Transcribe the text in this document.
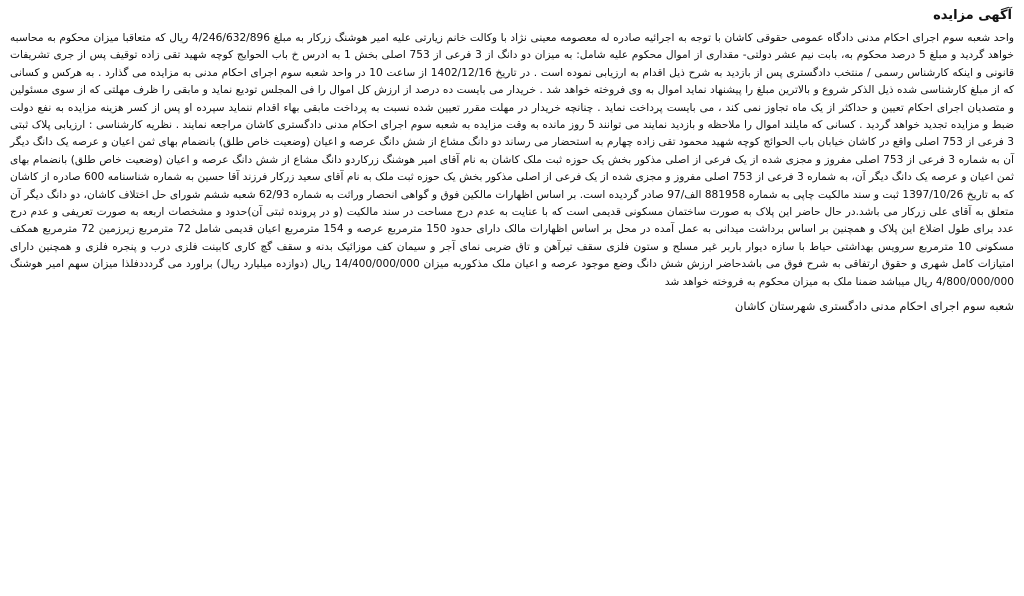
آگهی مزایده
واحد شعبه سوم اجرای احکام مدنی دادگاه عمومی حقوقی کاشان با توجه به اجرائیه صادره له معصومه معینی نژاد با وکالت خانم زیارتی علیه امیر هوشنگ زرکار به مبلغ 4/246/632/896 ریال که متعاقبا میزان محکوم به محاسبه خواهد گردید و مبلغ 5 درصد محکوم به، بابت نیم عشر دولتی- مقداری از اموال محکوم علیه شامل: به میزان دو دانگ از 3 فرعی از 753 اصلی بخش 1 به ادرس خ باب الحوایج کوچه شهید تقی زاده توقیف پس از جری تشریفات قانونی و اینکه کارشناس رسمی / منتخب دادگستری پس از بازدید به شرح ذیل اقدام به ارزیابی نموده است . در تاریخ 1402/12/16 از ساعت 10 در واحد شعبه سوم اجرای احکام مدنی به مزایده می گذارد . به هرکس و کسانی که از مبلغ کارشناسی شده ذیل الذکر شروع و بالاترین مبلغ را پیشنهاد نماید اموال به وی فروخته خواهد شد . خریدار می بایست ده درصد از ارزش کل اموال را فی المجلس تودیع نماید و مابقی را ظرف مهلتی که از سوی مسئولین و متصدیان اجرای احکام تعیین و حداکثر از یک ماه تجاوز نمی کند ، می بایست پرداخت نماید . چنانچه خریدار در مهلت مقرر تعیین شده نسبت به پرداخت مابقی بهاء اقدام ننماید سپرده او پس از کسر هزینه مزایده به نفع دولت ضبط و مزایده تجدید خواهد گردید . کسانی که مایلند اموال را ملاحظه و بازدید نمایند می توانند 5 روز مانده به وقت مزایده به شعبه سوم اجرای احکام مدنی دادگستری کاشان مراجعه نمایند . نظریه کارشناسی : ارزیابی پلاک ثبتی 3 فرعی از 753 اصلی واقع در کاشان خیابان باب الحوائج کوچه شهید محمود تقی زاده چهارم به استحضار می رساند دو دانگ مشاع از شش دانگ عرصه و اعیان (وضعیت خاص طلق) بانضمام بهای ثمن اعیان و عرصه یک دانگ دیگر آن به شماره 3 فرعی از 753 اصلی مفروز و مجزی شده از یک فرعی از اصلی مذکور بخش یک حوزه ثبت ملک کاشان به نام آقای امیر هوشنگ زرکاردو دانگ مشاع از شش دانگ عرصه و اعیان (وضعیت خاص طلق) بانضمام بهای ثمن اعیان و عرصه یک دانگ دیگر آن، به شماره 3 فرعی از 753 اصلی مفروز و مجزی شده از یک فرعی از اصلی مذکور بخش یک حوزه ثبت ملک به نام آقای سعید زرکار فرزند آقا حسین به شماره شناسنامه 600 صادره از کاشان که به تاریخ 1397/10/26 ثبت و سند مالکیت چاپی به شماره 881958 الف/97 صادر گردیده است. بر اساس اظهارات مالکین فوق و گواهی انحصار وراثت به شماره 62/93 شعبه ششم شورای حل اختلاف کاشان، دو دانگ دیگر آن متعلق به آقای علی زرکار می باشد.در حال حاضر این پلاک به صورت ساختمان مسکونی قدیمی است که با عنایت به عدم درج مساحت در سند مالکیت (و در پرونده ثبتی آن)حدود و مشخصات اربعه به صورت تعریفی و عدم درج عدد برای طول اضلاع این پلاک و همچنین بر اساس برداشت میدانی به عمل آمده در محل بر اساس اظهارات مالک دارای حدود 150 مترمربع عرصه و 154 مترمربع اعیان قدیمی شامل 72 مترمربع زیرزمین 72 مترمربع همکف مسکونی 10 مترمربع سرویس بهداشتی حیاط با سازه دیوار باربر غیر مسلح و ستون فلزی سقف تیرآهن و تاق ضربی نمای آجر و سیمان کف موزائیک بدنه و سقف گچ کاری کابینت فلزی درب و پنجره فلزی و همچنین دارای امتیازات کامل شهری و حقوق ارتفاقی به شرح فوق می باشدحاضر ارزش شش دانگ وضع موجود عرصه و اعیان ملک مذکوربه میزان 14/400/000/000 ریال (دوازده میلیارد ریال) براورد می گردددفلذا میزان سهم امیر هوشنگ 4/800/000/000 ریال میباشد ضمنا ملک به میزان محکوم به فروخته خواهد شد
شعبه سوم اجرای احکام مدنی دادگستری شهرستان کاشان
